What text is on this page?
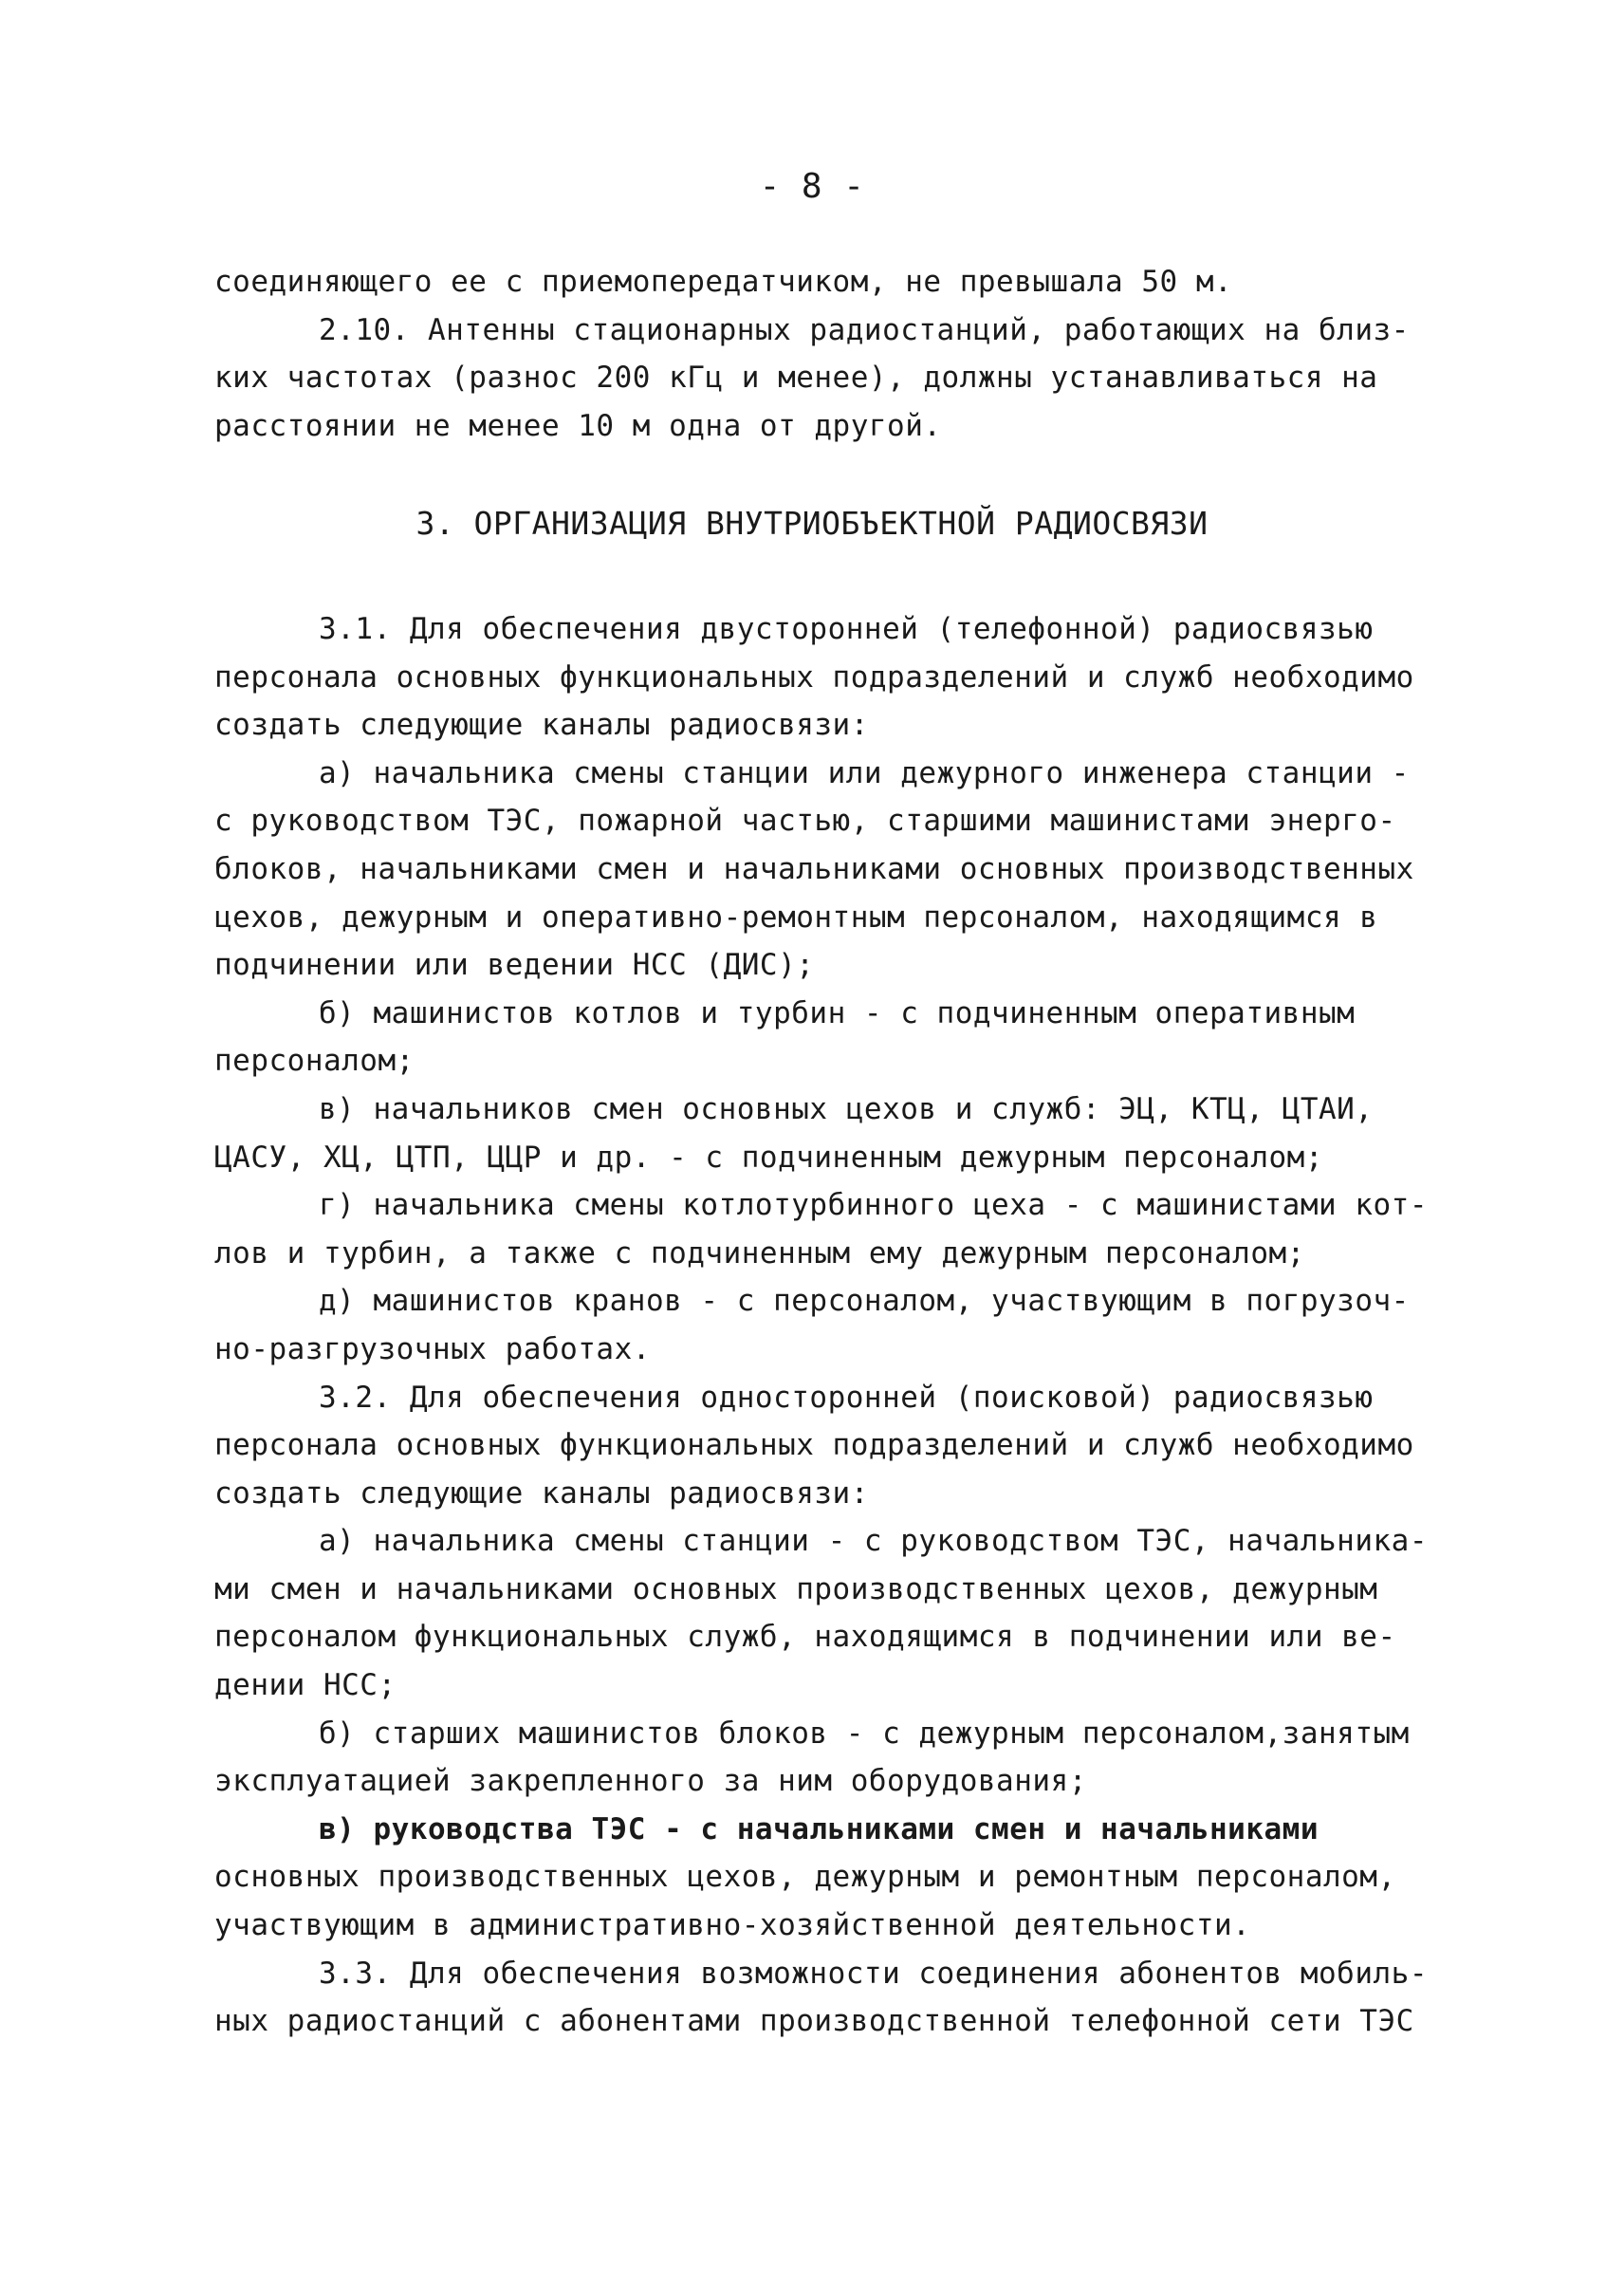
- 8 -
соединяющего ее с приемопередатчиком, не превышала 50 м.
2.10. Антенны стационарных радиостанций, работающих на близ-
ких частотах (разнос 200 кГц и менее), должны устанавливаться на
расстоянии не менее 10 м одна от другой.
3. ОРГАНИЗАЦИЯ ВНУТРИОБЪЕКТНОЙ РАДИОСВЯЗИ
3.1. Для обеспечения двусторонней (телефонной) радиосвязью
персонала основных функциональных подразделений и служб необходимо
создать следующие каналы радиосвязи:
а) начальника смены станции или дежурного инженера станции -
с руководством ТЭС, пожарной частью, старшими машинистами энерго-
блоков, начальниками смен и начальниками основных производственных
цехов, дежурным и оперативно-ремонтным персоналом, находящимся в
подчинении или ведении НСС (ДИС);
б) машинистов котлов и турбин - с подчиненным оперативным
персоналом;
в) начальников смен основных цехов и служб: ЭЦ, КТЦ, ЦТАИ,
ЦАСУ, ХЦ, ЦТП, ЦЦР и др. - с подчиненным дежурным персоналом;
г) начальника смены котлотурбинного цеха - с машинистами кот-
лов и турбин, а также с подчиненным ему дежурным персоналом;
д) машинистов кранов - с персоналом, участвующим в погрузоч-
но-разгрузочных работах.
3.2. Для обеспечения односторонней (поисковой) радиосвязью
персонала основных функциональных подразделений и служб необходимо
создать следующие каналы радиосвязи:
а) начальника смены станции - с руководством ТЭС, начальника-
ми смен и начальниками основных производственных цехов, дежурным
персоналом функциональных служб, находящимся в подчинении или ве-
дении НСС;
б) старших машинистов блоков - с дежурным персоналом,занятым
эксплуатацией закрепленного за ним оборудования;
в) руководства ТЭС - с начальниками смен и начальниками
основных производственных цехов, дежурным и ремонтным персоналом,
участвующим в административно-хозяйственной деятельности.
3.3. Для обеспечения возможности соединения абонентов мобиль-
ных радиостанций с абонентами производственной телефонной сети ТЭС
